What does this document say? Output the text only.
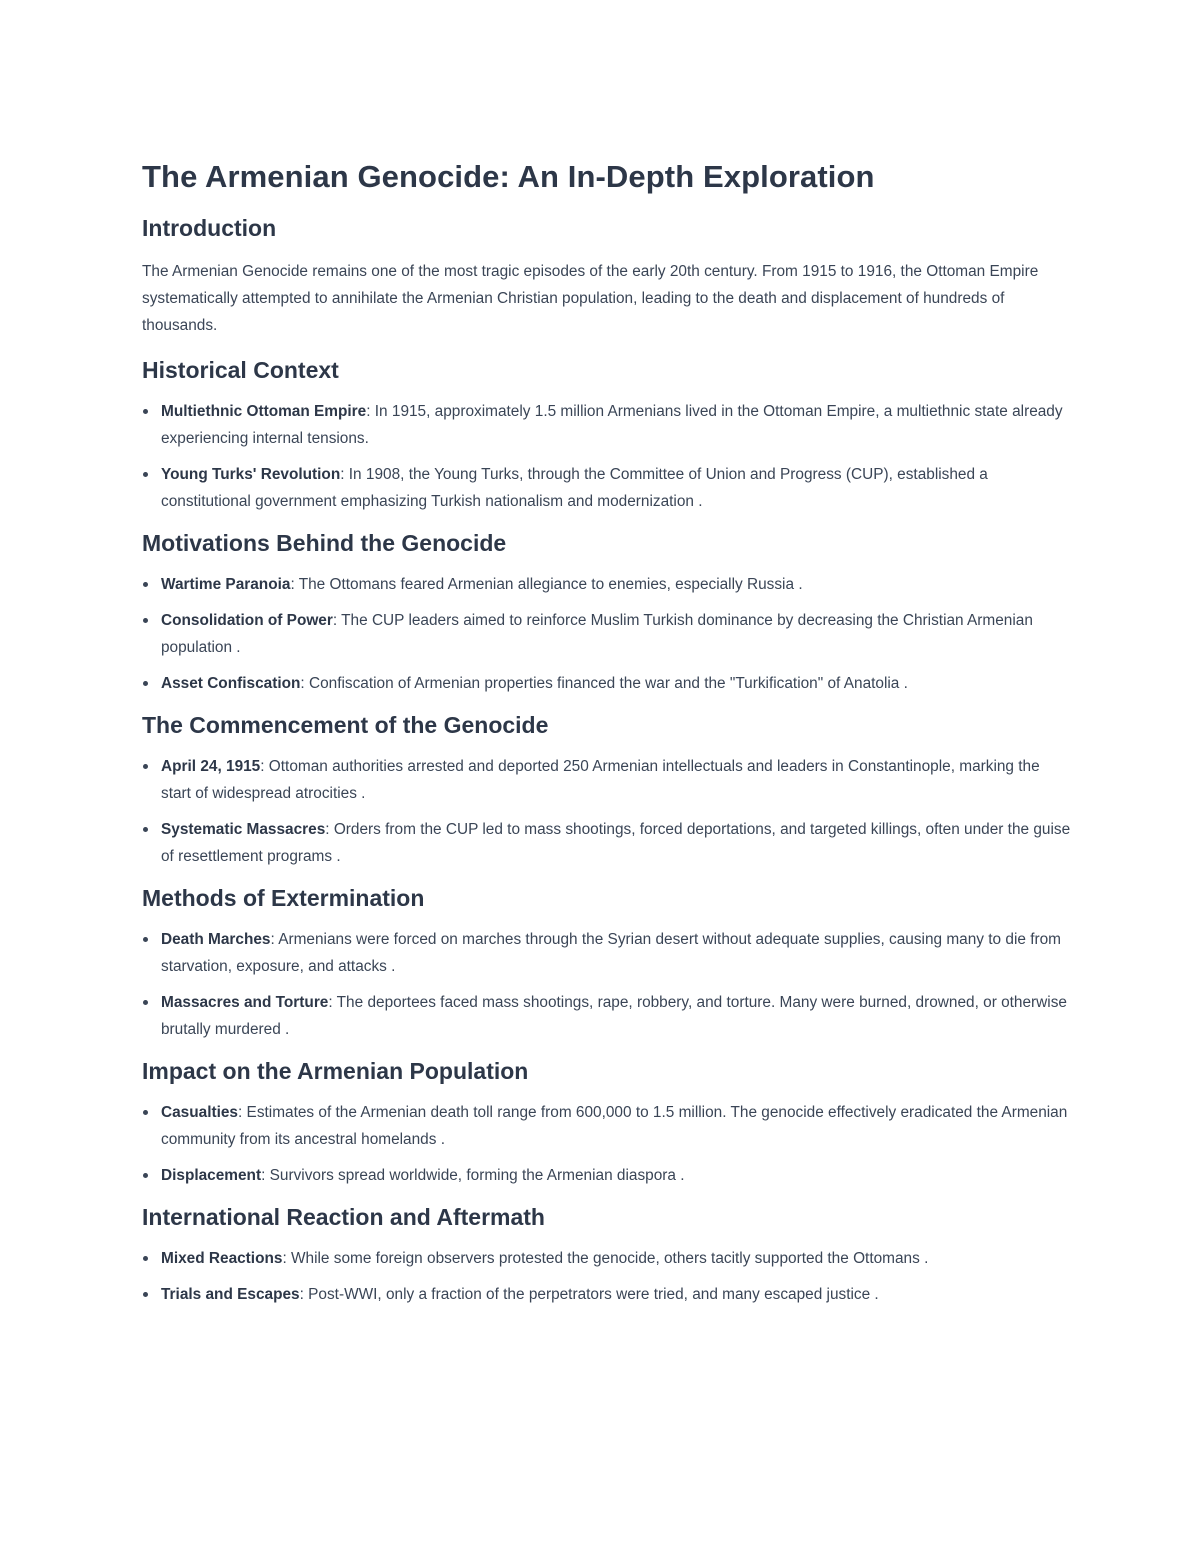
The Armenian Genocide: An In-Depth Exploration
Introduction

The Armenian Genocide remains one of the most tragic episodes of the early 20th century. From 1915 to 1916, the Ottoman Empire systematically attempted to annihilate the Armenian Christian population, leading to the death and displacement of hundreds of thousands.

Historical Context
Multiethnic Ottoman Empire: In 1915, approximately 1.5 million Armenians lived in the Ottoman Empire, a multiethnic state already experiencing internal tensions.
Young Turks' Revolution: In 1908, the Young Turks, through the Committee of Union and Progress (CUP), established a constitutional government emphasizing Turkish nationalism and modernization .
Motivations Behind the Genocide
Wartime Paranoia: The Ottomans feared Armenian allegiance to enemies, especially Russia .
Consolidation of Power: The CUP leaders aimed to reinforce Muslim Turkish dominance by decreasing the Christian Armenian population .
Asset Confiscation: Confiscation of Armenian properties financed the war and the "Turkification" of Anatolia .
The Commencement of the Genocide
April 24, 1915: Ottoman authorities arrested and deported 250 Armenian intellectuals and leaders in Constantinople, marking the start of widespread atrocities .
Systematic Massacres: Orders from the CUP led to mass shootings, forced deportations, and targeted killings, often under the guise of resettlement programs .
Methods of Extermination
Death Marches: Armenians were forced on marches through the Syrian desert without adequate supplies, causing many to die from starvation, exposure, and attacks .
Massacres and Torture: The deportees faced mass shootings, rape, robbery, and torture. Many were burned, drowned, or otherwise brutally murdered .
Impact on the Armenian Population
Casualties: Estimates of the Armenian death toll range from 600,000 to 1.5 million. The genocide effectively eradicated the Armenian community from its ancestral homelands .
Displacement: Survivors spread worldwide, forming the Armenian diaspora .
International Reaction and Aftermath
Mixed Reactions: While some foreign observers protested the genocide, others tacitly supported the Ottomans .
Trials and Escapes: Post-WWI, only a fraction of the perpetrators were tried, and many escaped justice .
